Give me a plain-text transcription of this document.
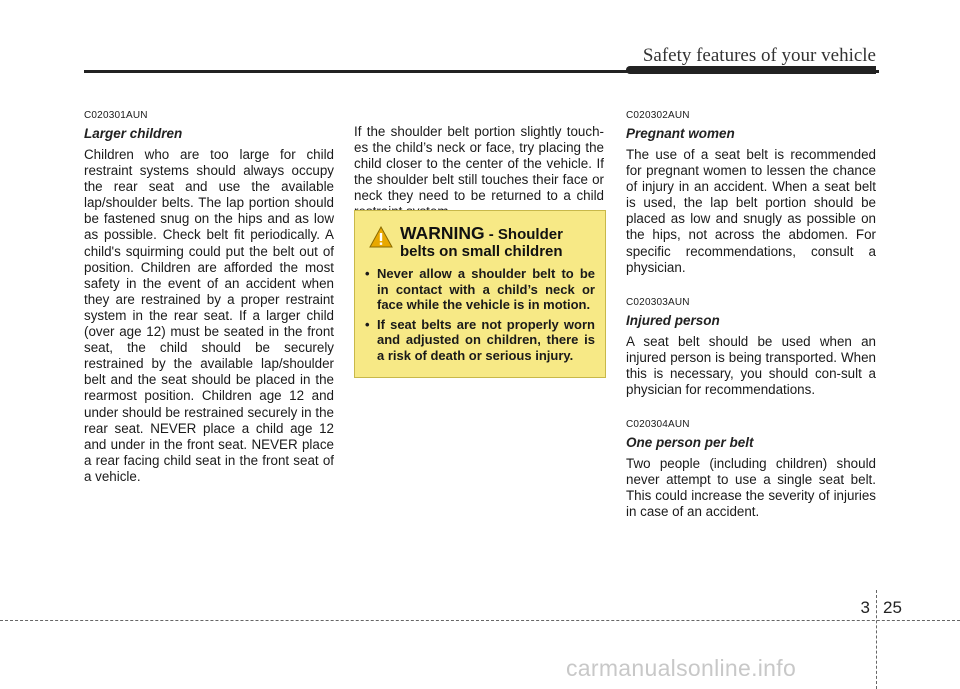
Safety features of your vehicle

C020301AUN

Larger children

Children who are too large for child restraint systems should always occupy the rear seat and use the available lap/shoulder belts. The lap portion should be fastened snug on the hips and as low as possible. Check belt fit periodically. A child's squirming could put the belt out of position. Children are afforded the most safety in the event of an accident when they are restrained by a proper restraint system in the rear seat. If a larger child (over age 12) must be seated in the front seat, the child should be securely restrained by the available lap/shoulder belt and the seat should be placed in the rearmost position. Children age 12 and under should be restrained securely in the rear seat. NEVER place a child age 12 and under in the front seat. NEVER place a rear facing child seat in the front seat of a vehicle.

If the shoulder belt portion slightly touch-es the child’s neck or face, try placing the child closer to the center of the vehicle. If the shoulder belt still touches their face or neck they need to be returned to a child

WARNING - Shoulder belts on small children
• Never allow a shoulder belt to be in contact with a child’s neck or face while the vehicle is in motion.
• If seat belts are not properly worn and adjusted on children, there is a risk of death or serious injury.

C020302AUN

Pregnant women

The use of a seat belt is recommended for pregnant women to lessen the chance of injury in an accident. When a seat belt is used, the lap belt portion should be placed as low and snugly as possible on the hips, not across the abdomen. For specific recommendations, consult a physician.

C020303AUN

Injured person

A seat belt should be used when an injured person is being transported. When this is necessary, you should con-sult a physician for recommendations.

C020304AUN

One person per belt

Two people (including children) should never attempt to use a single seat belt. This could increase the severity of injuries in case of an accident.

3 25
carmanualsonline.info
